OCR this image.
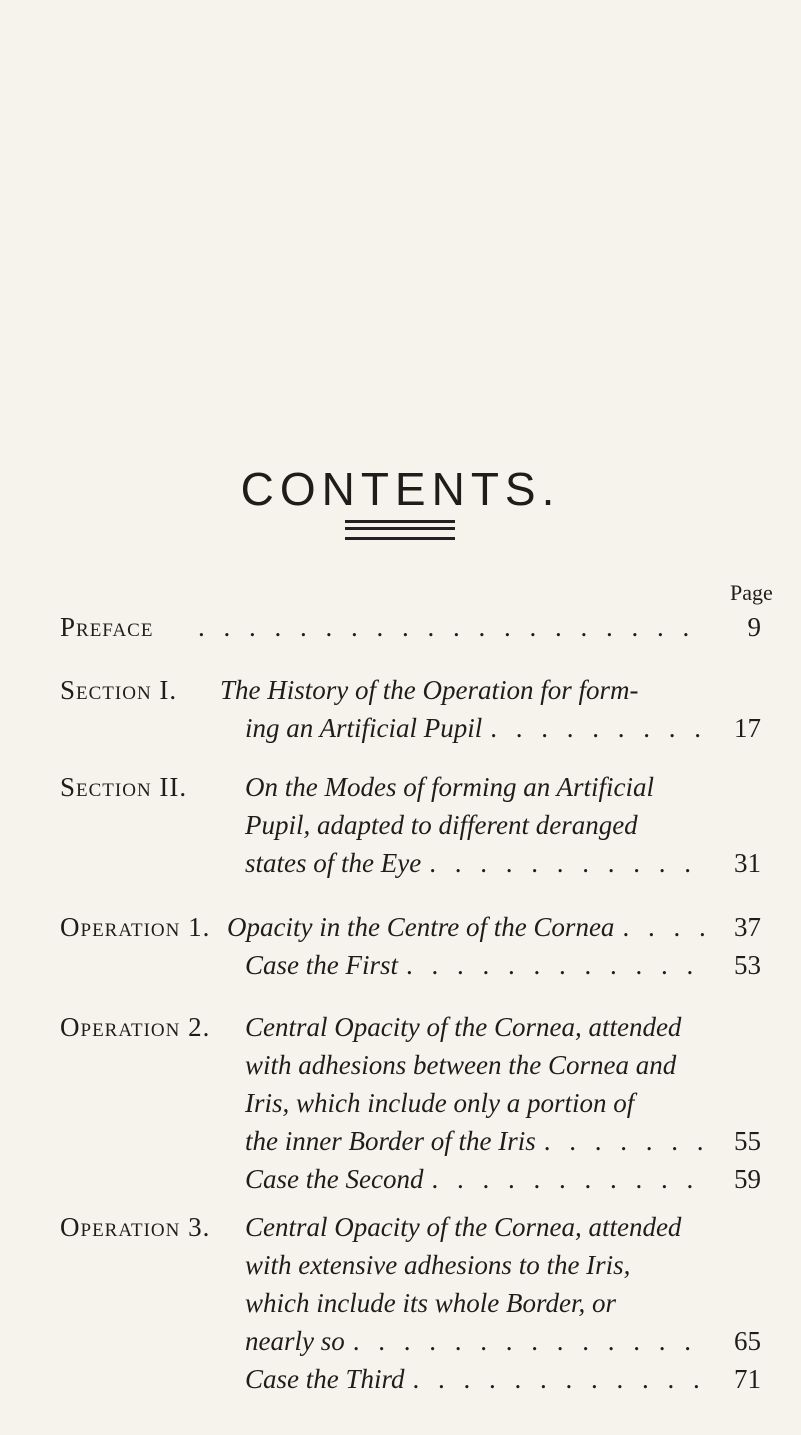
CONTENTS.
Page
Preface . . .	9
Section I. The History of the Operation for form-
ing an Artificial Pupil . . .	17
Section II. On the Modes of forming an Artificial
Pupil, adapted to different deranged
states of the Eye . . .	31
Operation 1. Opacity in the Centre of the Cornea . . .	37
Case the First . . .	53
Operation 2. Central Opacity of the Cornea, attended
with adhesions between the Cornea and
Iris, which include only a portion of
the inner Border of the Iris . . .	55
Case the Second . . .	59
Operation 3. Central Opacity of the Cornea, attended
with extensive adhesions to the Iris,
which include its whole Border, or
nearly so . . .	65
Case the Third . . .	71
